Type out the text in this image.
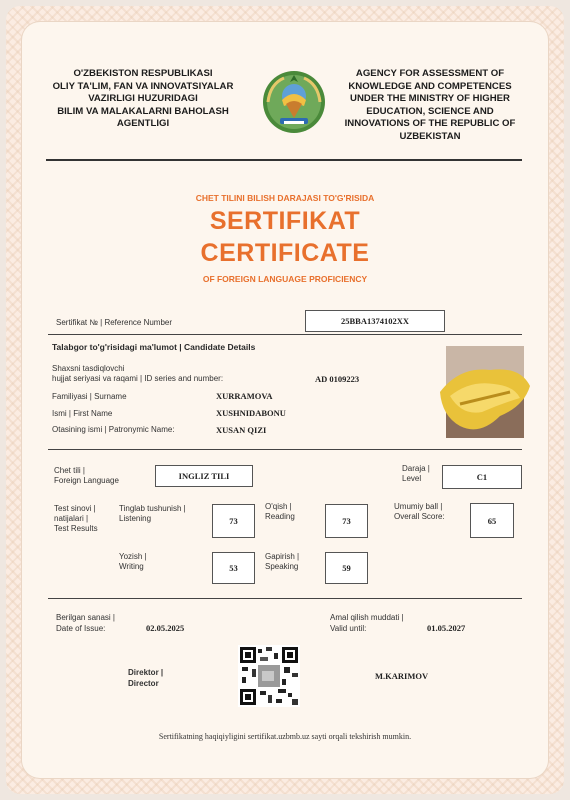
O'ZBEKISTON RESPUBLIKASI
OLIY TA'LIM, FAN VA INNOVATSIYALAR
VAZIRLIGI HUZURIDAGI
BILIM VA MALAKALARNI BAHOLASH
AGENTLIGI
AGENCY FOR ASSESSMENT OF
KNOWLEDGE AND COMPETENCES
UNDER THE MINISTRY OF HIGHER
EDUCATION, SCIENCE AND
INNOVATIONS OF THE REPUBLIC OF
UZBEKISTAN
CHET TILINI BILISH DARAJASI TO'G'RISIDA
SERTIFIKAT
CERTIFICATE
OF FOREIGN LANGUAGE PROFICIENCY
Sertifikat № | Reference Number	25BBA1374102XX
Talabgor to'g'risidagi ma'lumot | Candidate Details
Shaxsni tasdiqlovchi
hujjat seriyasi va raqami | ID series and number:	AD 0109223
Familiyasi | Surname	XURRAMOVA
Ismi | First Name	XUSHNIDABONU
Otasining ismi | Patronymic Name:	XUSAN QIZI
Chet tili |
Foreign Language	INGLIZ TILI
Daraja |
Level	C1
Test sinovi |
natijalari |
Test Results
Tinglab tushunish |
Listening	73
O'qish |
Reading	73
Umumiy ball |
Overall Score:	65
Yozish |
Writing	53
Gapirish |
Speaking	59
Berilgan sanasi |
Date of Issue:	02.05.2025
Amal qilish muddati |
Valid until:	01.05.2027
Direktor |
Director
M.KARIMOV
Sertifikatning haqiqiyligini sertifikat.uzbmb.uz sayti orqali tekshirish mumkin.
